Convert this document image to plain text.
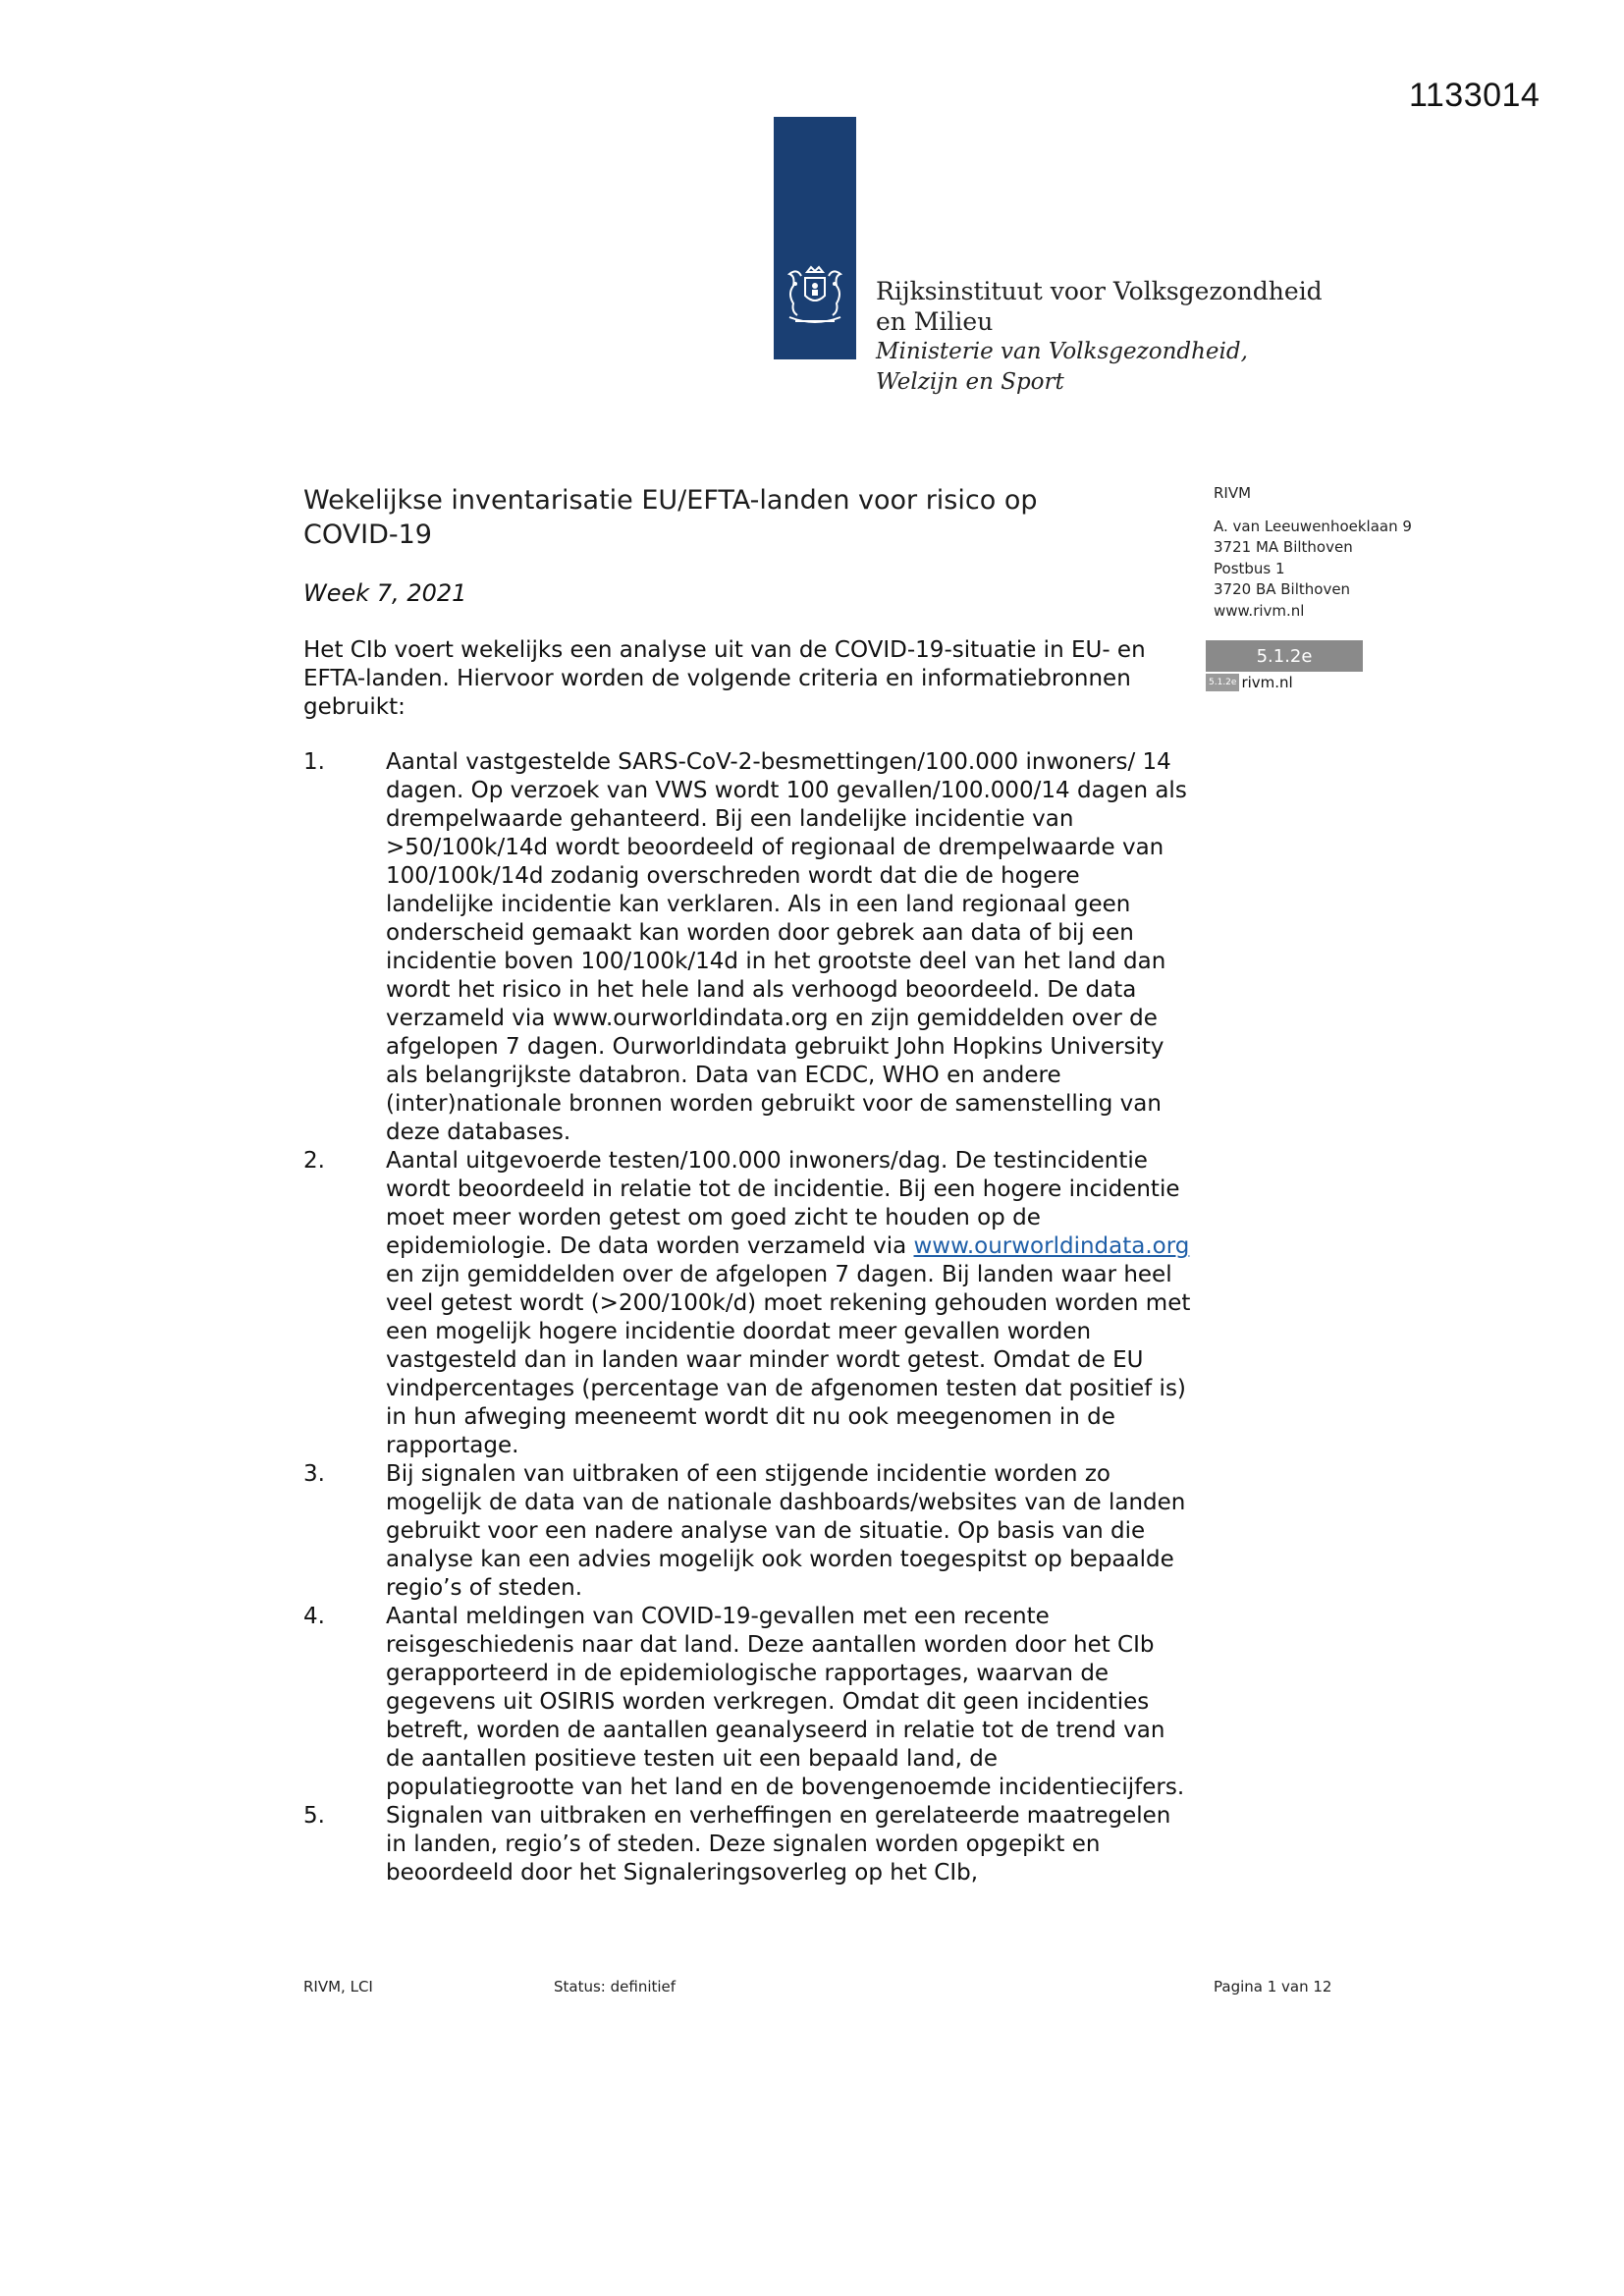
1133014
Rijksinstituut voor Volksgezondheid
en Milieu
Ministerie van Volksgezondheid,
Welzijn en Sport
Wekelijkse inventarisatie EU/EFTA-landen voor risico op COVID-19
Week 7, 2021
Het CIb voert wekelijks een analyse uit van de COVID-19-situatie in EU- en EFTA-landen. Hiervoor worden de volgende criteria en informatiebronnen gebruikt:
RIVM
A. van Leeuwenhoeklaan 9
3721 MA Bilthoven
Postbus 1
3720 BA Bilthoven
www.rivm.nl
5.1.2e
5.1.2e rivm.nl
1.	Aantal vastgestelde SARS-CoV-2-besmettingen/100.000 inwoners/ 14 dagen. Op verzoek van VWS wordt 100 gevallen/100.000/14 dagen als drempelwaarde gehanteerd. Bij een landelijke incidentie van >50/100k/14d wordt beoordeeld of regionaal de drempelwaarde van 100/100k/14d zodanig overschreden wordt dat die de hogere landelijke incidentie kan verklaren. Als in een land regionaal geen onderscheid gemaakt kan worden door gebrek aan data of bij een incidentie boven 100/100k/14d in het grootste deel van het land dan wordt het risico in het hele land als verhoogd beoordeeld. De data verzameld via www.ourworldindata.org en zijn gemiddelden over de afgelopen 7 dagen. Ourworldindata gebruikt John Hopkins University als belangrijkste databron. Data van ECDC, WHO en andere (inter)nationale bronnen worden gebruikt voor de samenstelling van deze databases.
2.	Aantal uitgevoerde testen/100.000 inwoners/dag. De testincidentie wordt beoordeeld in relatie tot de incidentie. Bij een hogere incidentie moet meer worden getest om goed zicht te houden op de epidemiologie. De data worden verzameld via www.ourworldindata.org en zijn gemiddelden over de afgelopen 7 dagen. Bij landen waar heel veel getest wordt (>200/100k/d) moet rekening gehouden worden met een mogelijk hogere incidentie doordat meer gevallen worden vastgesteld dan in landen waar minder wordt getest. Omdat de EU vindpercentages (percentage van de afgenomen testen dat positief is) in hun afweging meeneemt wordt dit nu ook meegenomen in de rapportage.
3.	Bij signalen van uitbraken of een stijgende incidentie worden zo mogelijk de data van de nationale dashboards/websites van de landen gebruikt voor een nadere analyse van de situatie. Op basis van die analyse kan een advies mogelijk ook worden toegespitst op bepaalde regio’s of steden.
4.	Aantal meldingen van COVID-19-gevallen met een recente reisgeschiedenis naar dat land. Deze aantallen worden door het CIb gerapporteerd in de epidemiologische rapportages, waarvan de gegevens uit OSIRIS worden verkregen. Omdat dit geen incidenties betreft, worden de aantallen geanalyseerd in relatie tot de trend van de aantallen positieve testen uit een bepaald land, de populatiegrootte van het land en de bovengenoemde incidentiecijfers.
5.	Signalen van uitbraken en verheffingen en gerelateerde maatregelen in landen, regio’s of steden. Deze signalen worden opgepikt en beoordeeld door het Signaleringsoverleg op het CIb,
RIVM, LCI	Status: definitief	Pagina 1 van 12
